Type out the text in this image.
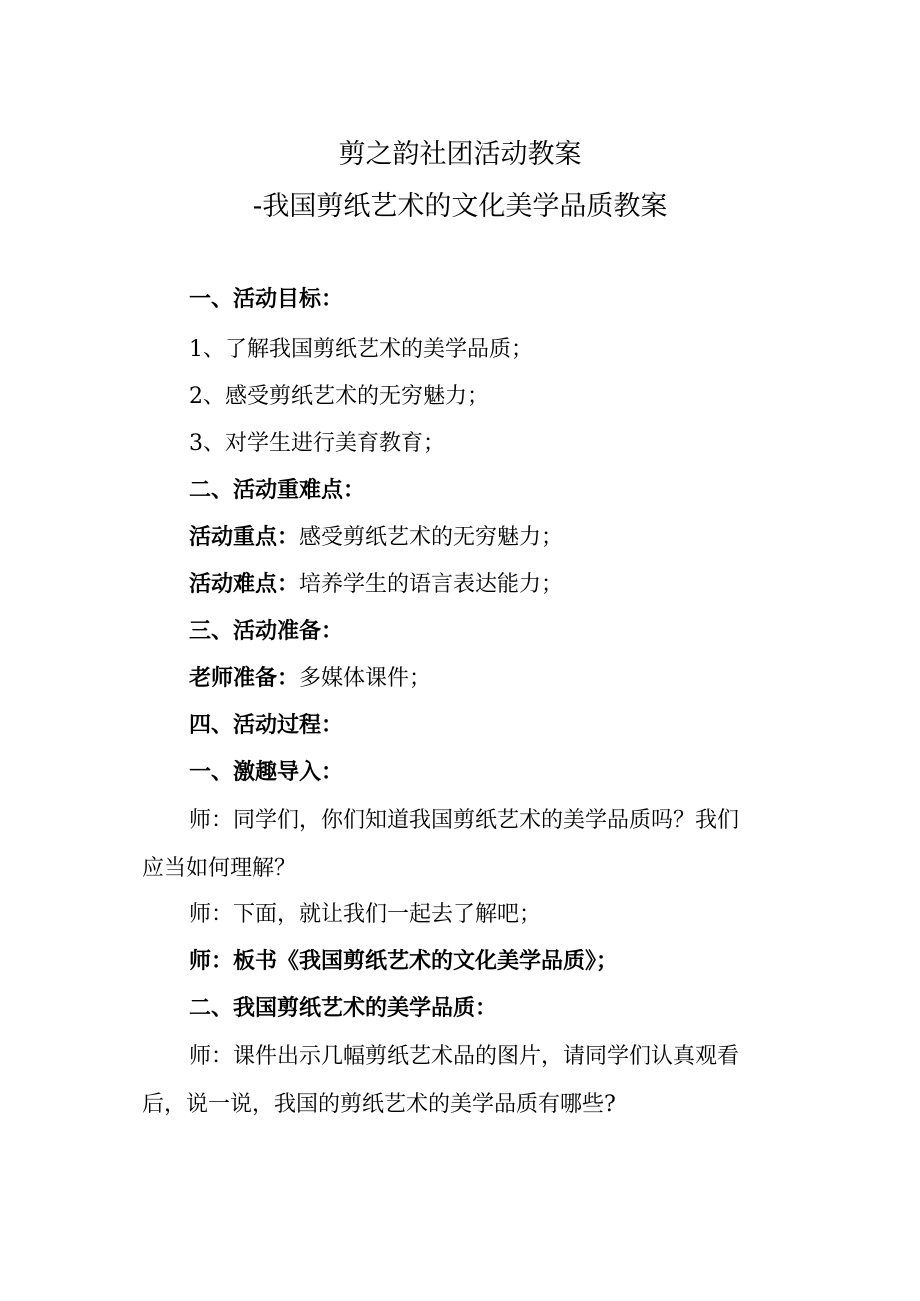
剪之韵社团活动教案
-我国剪纸艺术的文化美学品质教案
一、活动目标：
1、了解我国剪纸艺术的美学品质；
2、感受剪纸艺术的无穷魅力；
3、对学生进行美育教育；
二、活动重难点：
活动重点：感受剪纸艺术的无穷魅力；
活动难点：培养学生的语言表达能力；
三、活动准备：
老师准备：多媒体课件；
四、活动过程：
一、激趣导入：
师：同学们，你们知道我国剪纸艺术的美学品质吗？我们
应当如何理解？
师：下面，就让我们一起去了解吧；
师：板书《我国剪纸艺术的文化美学品质》；
二、我国剪纸艺术的美学品质：
师：课件出示几幅剪纸艺术品的图片，请同学们认真观看
后，说一说，我国的剪纸艺术的美学品质有哪些?
